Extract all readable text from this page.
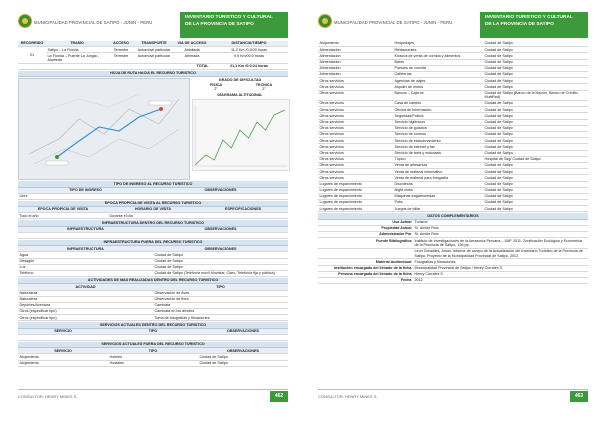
MUNICIPALIDAD PROVINCIAL DE SATIPO - JUNIN - PERU
INVENTARIO TURISTICO Y CULTURAL
DE LA PROVINCIA DE SATIPO
RECORRIDO	TRAMO	ACCESO	TRANSPORTE	VIA DE ACCESO	DISTANCIA/TIEMPO
01	Satipo – La Florida	Terrestre	Automóvil particular	Asfaltada	11,2 Km /0.5:00 horas
	La Florida – Puente La Jungla - Alameda	Terrestre	Automóvil particular	Afirmada	9,9 Km/00:0 horas
TOTAL					21,1 Km /0:0:24 horas
HOJA DE RUTA HACIA EL RECURSO TURISTICO
GRADO DE DIFICULTAD
FISICA	TECNICA
2°	2°
DIAGRAMA ALTITUDINAL
TIPO DE INGRESO AL RECURSO TURISTICO
TIPO DE INGRESO	OBSERVACIONES
Libre	
EPOCA PROPICIA DE VISITA AL RECURSO TURISTICO
EPOCA PROPICIA DE VISITA	HORARIO DE VISITA	ESPECIFICACIONES
Todo el año	Durante el día	
INFRAESTRUCTURA DENTRO DEL RECURSO TURISTICO
INFRAESTRUCTURA	OBSERVACIONES

INFRAESTRUCTURA FUERA DEL RECURSO TURISTICO
INFRAESTRUCTURA	OBSERVACIONES
Agua	Ciudad de Satipo
Desagüe	Ciudad de Satipo
Luz	Ciudad de Satipo
Teléfono	Ciudad de Satipo (Telefonía móvil Movistar, Claro, Telefonía fija y pública)
ACTIVIDADES DE MAS REALIZADAS DENTRO DEL RECURSO TURISTICO
ACTIVIDAD	TIPO
Naturaleza	Observación de Aves
Naturaleza	Observación de flora
Deportes/Aventura	Caminata
Otros (especificar tipo)	Caminata en los árboles
Otros (especificar tipo)	Toma de fotografías y filmaciones
SERVICIOS ACTUALES DENTRO DEL RECURSO TURISTICO
SERVICIO	TIPO	OBSERVACIONES

SERVICIOS ACTUALES FUERA DEL RECURSO TURISTICO
SERVICIO	TIPO	OBSERVACIONES
Alojamiento	Hoteles	Ciudad de Satipo
Alojamiento	Hostales	Ciudad de Satipo
CONSULTOR: HENRY MINES S.	462
MUNICIPALIDAD PROVINCIAL DE SATIPO - JUNIN - PERU
INVENTARIO TURISTICO Y CULTURAL
DE LA PROVINCIA DE SATIPO
Alojamiento	Hospedajes	Ciudad de Satipo
Alimentación	Restaurantes	Ciudad de Satipo
Alimentación	Kioscos de venta de comida y alimentos	Ciudad de Satipo
Alimentación	Bares	Ciudad de Satipo
Alimentación	Puestos de comida	Ciudad de Satipo
Alimentación	Cafeterías	Ciudad de Satipo
Otros servicios	Agencias de viajes	Ciudad de Satipo
Otros servicios	Alquiler de motos	Ciudad de Satipo
Otros servicios	Bancos – Cajeros	Ciudad de Satipo (Banco de la Nación, Banco de Crédito, MultiRed)
Otros servicios	Casa de cambio	Ciudad de Satipo
Otros servicios	Oficina de Información	Ciudad de Satipo
Otros servicios	Seguridad/Policía	Ciudad de Satipo
Otros servicios	Servicio higiénicos	Ciudad de Satipo
Otros servicios	Servicio de guiados	Ciudad de Satipo
Otros servicios	Servicio de correos	Ciudad de Satipo
Otros servicios	Servicio de estacionamiento	Ciudad de Satipo
Otros servicios	Servicio de internet y fax	Ciudad de Satipo
Otros servicios	Servicio de taxis y mototaxis	Ciudad de Satipo
Otros servicios	Tópico	Hospital de Ssg/ Ciudad de Satipo
Otros servicios	Venta de artesanías	Ciudad de Satipo
Otros servicios	Venta de material informativo	Ciudad de Satipo
Otros servicios	Venta de material para fotografía	Ciudad de Satipo
Lugares de esparcimiento	Discotecas	Ciudad de Satipo
Lugares de esparcimiento	Night clubs	Ciudad de Satipo
Lugares de esparcimiento	Máquinas tragamonedas	Ciudad de Satipo
Lugares de esparcimiento	Pubs	Ciudad de Satipo
Lugares de esparcimiento	Juegos de billar	Ciudad de Satipo
DATOS COMPLEMENTARIOS
Uso Actual	Turismo
Propiedad Actual	Sr. Amide Ruiz
Administrador Por	Sr. Amide Ruiz
Fuente Bibliográfica	Instituto de Investigaciones de la Amazonía Peruana – IIAP. 2011. Zonificación Ecológica y Económica de la Provincia de Satipo, 136 pp.
	Leon Gonzáles, Jesús. Informe de campo de la Actualización del Inventario Turístico de la Provincia de Satipo. Proyecto de la Municipalidad Provincial de Satipo, 2012.
Material Audiovisual	Fotografías y filmaciones
Institución encargada del llenado de la ficha	Municipalidad Provincial de Satipo / Henry Corrales S.
Persona encargada del llenado de la ficha	Henry Corrales S.
Fecha	2012
CONSULTOR: HENRY MINES S.	463
